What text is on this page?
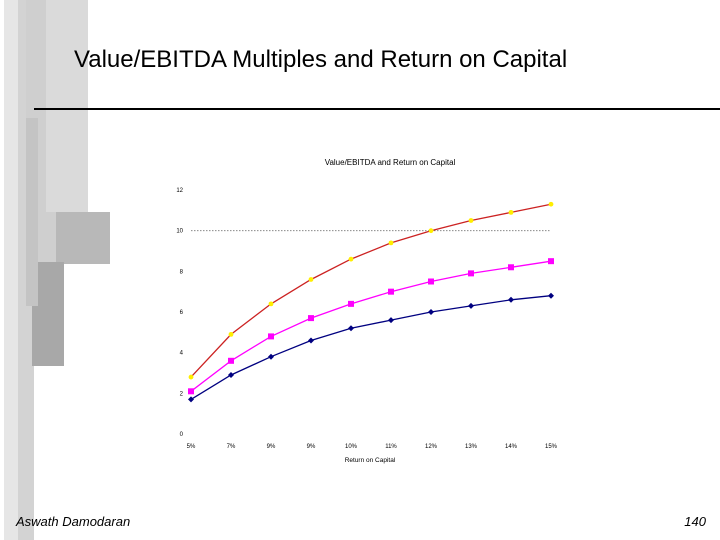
Value/EBITDA Multiples and Return on Capital
Value/EBITDA and Return on Capital
0
2
4
6
8
10
12
5%	7%	9%	9%	10%	11%	12%	13%	14%	15%
Return on Capital
Aswath Damodaran	140
